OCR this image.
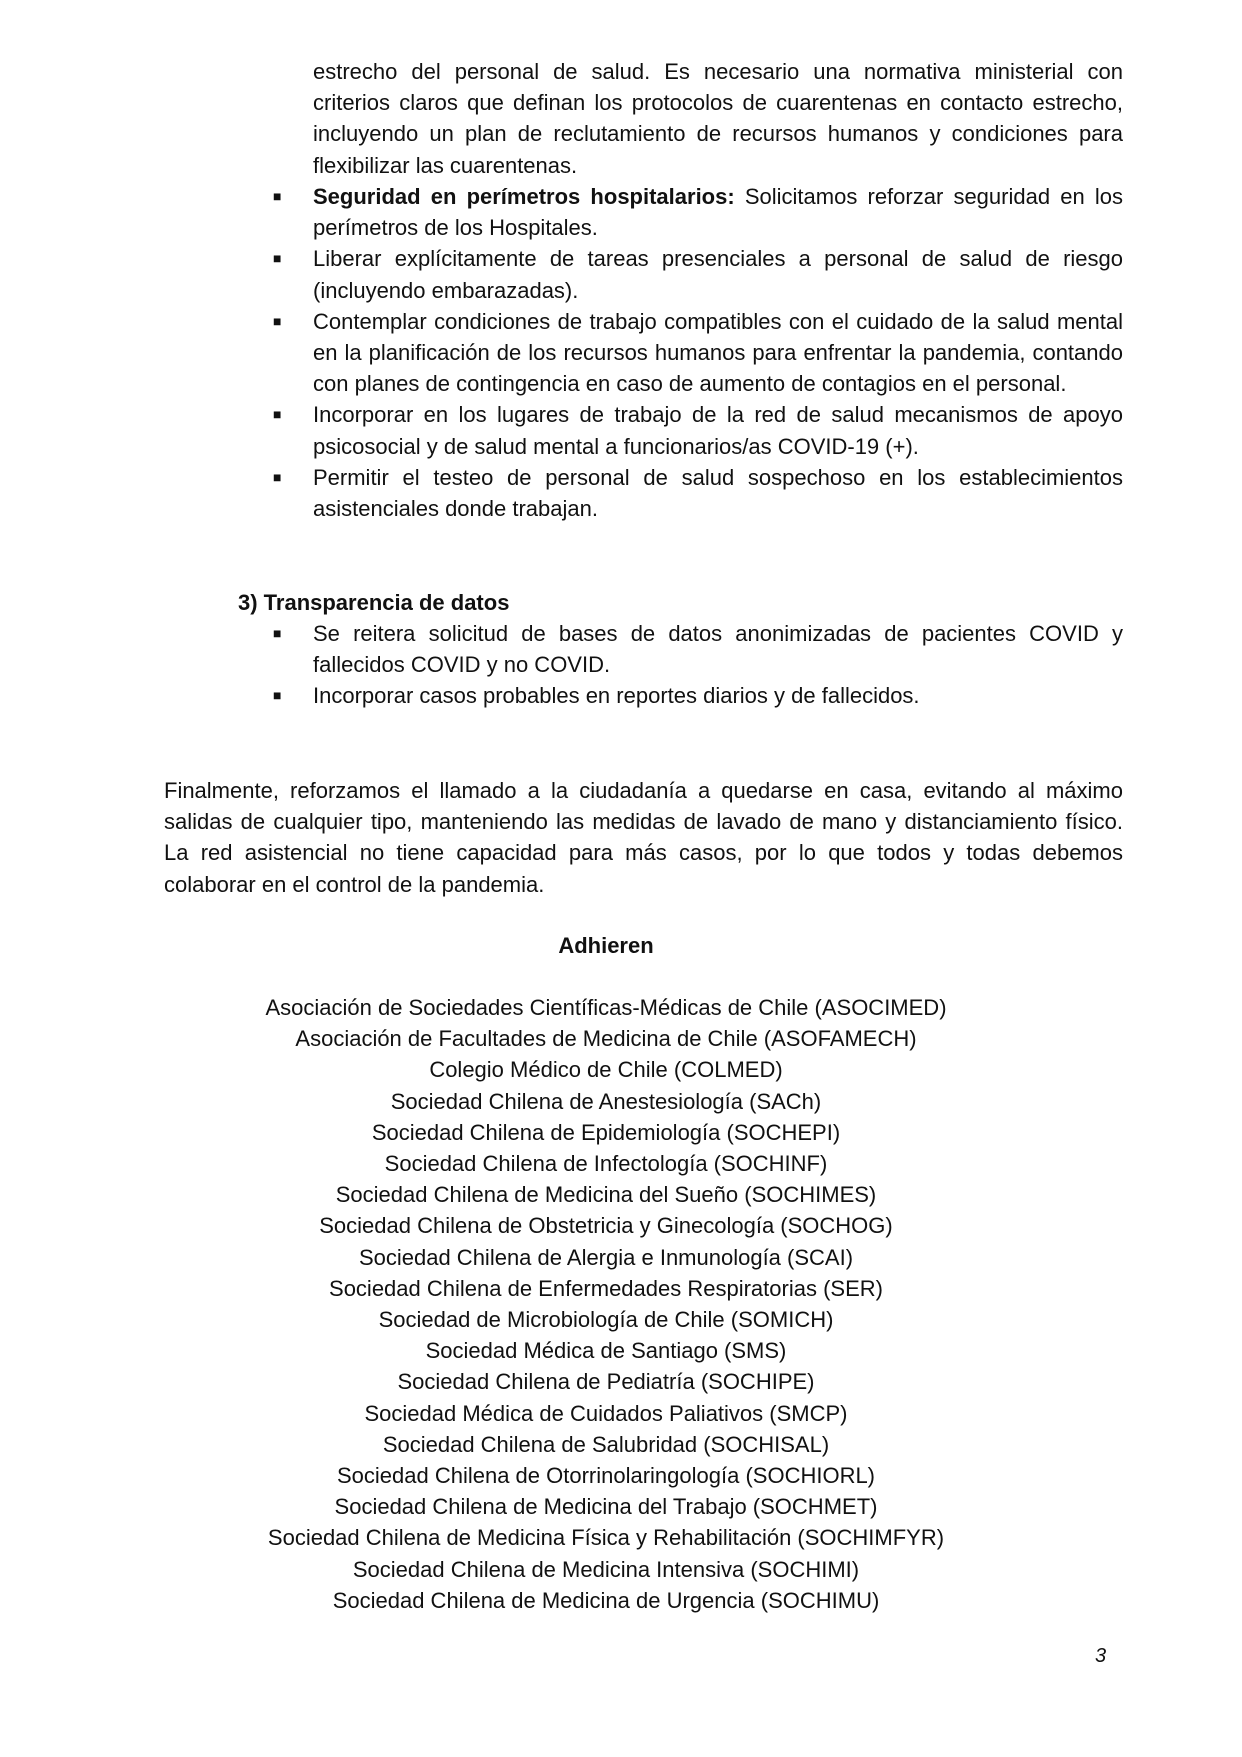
estrecho del personal de salud. Es necesario una normativa ministerial con criterios claros que definan los protocolos de cuarentenas en contacto estrecho, incluyendo un plan de reclutamiento de recursos humanos y condiciones para flexibilizar las cuarentenas.
■	Seguridad en perímetros hospitalarios: Solicitamos reforzar seguridad en los perímetros de los Hospitales.
■	Liberar explícitamente de tareas presenciales a personal de salud de riesgo (incluyendo embarazadas).
■	Contemplar condiciones de trabajo compatibles con el cuidado de la salud mental en la planificación de los recursos humanos para enfrentar la pandemia, contando con planes de contingencia en caso de aumento de contagios en el personal.
■	Incorporar en los lugares de trabajo de la red de salud mecanismos de apoyo psicosocial y de salud mental a funcionarios/as COVID-19 (+).
■	Permitir el testeo de personal de salud sospechoso en los establecimientos asistenciales donde trabajan.
3) Transparencia de datos
■	Se reitera solicitud de bases de datos anonimizadas de pacientes COVID y fallecidos COVID y no COVID.
■	Incorporar casos probables en reportes diarios y de fallecidos.
Finalmente, reforzamos el llamado a la ciudadanía a quedarse en casa, evitando al máximo salidas de cualquier tipo, manteniendo las medidas de lavado de mano y distanciamiento físico. La red asistencial no tiene capacidad para más casos, por lo que todos y todas debemos colaborar en el control de la pandemia.
Adhieren
Asociación de Sociedades Científicas-Médicas de Chile (ASOCIMED)
Asociación de Facultades de Medicina de Chile (ASOFAMECH)
Colegio Médico de Chile (COLMED)
Sociedad Chilena de Anestesiología (SACh)
Sociedad Chilena de Epidemiología (SOCHEPI)
Sociedad Chilena de Infectología (SOCHINF)
Sociedad Chilena de Medicina del Sueño (SOCHIMES)
Sociedad Chilena de Obstetricia y Ginecología (SOCHOG)
Sociedad Chilena de Alergia e Inmunología (SCAI)
Sociedad Chilena de Enfermedades Respiratorias (SER)
Sociedad de Microbiología de Chile (SOMICH)
Sociedad Médica de Santiago (SMS)
Sociedad Chilena de Pediatría (SOCHIPE)
Sociedad Médica de Cuidados Paliativos (SMCP)
Sociedad Chilena de Salubridad (SOCHISAL)
Sociedad Chilena de Otorrinolaringología (SOCHIORL)
Sociedad Chilena de Medicina del Trabajo (SOCHMET)
Sociedad Chilena de Medicina Física y Rehabilitación (SOCHIMFYR)
Sociedad Chilena de Medicina Intensiva (SOCHIMI)
Sociedad Chilena de Medicina de Urgencia (SOCHIMU)
3
